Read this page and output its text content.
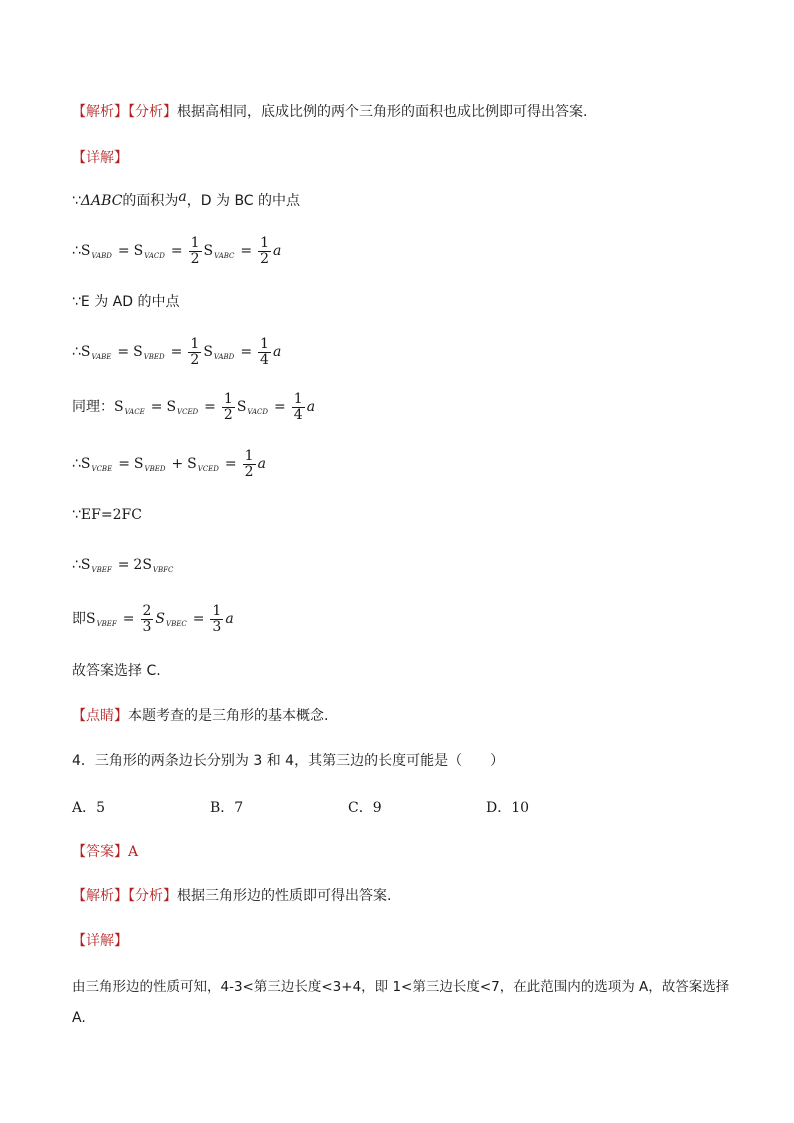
【解析】【分析】根据高相同，底成比例的两个三角形的面积也成比例即可得出答案.
【详解】
∵ΔABC的面积为a，D 为 BC 的中点
∴ S VABD = S VACD = $\frac{1}{2}$ S VABC = $\frac{1}{2}$ a
∵E 为 AD 的中点
∴ S VABE = S VBED = $\frac{1}{2}$ S VABD = $\frac{1}{4}$ a
同理： S VACE = S VCED = $\frac{1}{2}$ S VACD = $\frac{1}{4}$ a
∴ S VCBE = S VBED + S VCED = $\frac{1}{2}$ a
∵EF=2FC
∴ S VBEF = 2S VBFC
即 S VBEF = $\frac{2}{3}$ S VBEC = $\frac{1}{3}$ a
故答案选择 C.
【点睛】本题考查的是三角形的基本概念.
4．三角形的两条边长分别为 3 和 4，其第三边的长度可能是（　　）
A．5	B．7	C．9	D．10
【答案】A
【解析】【分析】根据三角形边的性质即可得出答案.
【详解】
由三角形边的性质可知，4-3<第三边长度<3+4，即 1<第三边长度<7，在此范围内的选项为 A，故答案选择
A.
